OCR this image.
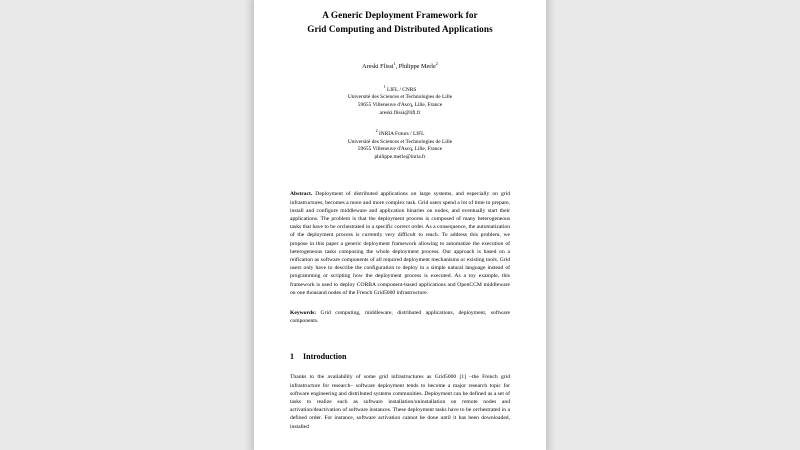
A Generic Deployment Framework for
Grid Computing and Distributed Applications
Areski Flissi$^1$, Philippe Merle$^2$
$^1$ LIFL / CNRS
Université des Sciences et Technologies de Lille
59655 Villeneuve d'Ascq, Lille, France
areski.flissi@lifl.fr
$^2$ INRIA Futurs / LIFL
Université des Sciences et Technologies de Lille
59655 Villeneuve d'Ascq, Lille, France
philippe.merle@inria.fr
Abstract. Deployment of distributed applications on large systems, and especially on grid infrastructures, becomes a more and more complex task. Grid users spend a lot of time to prepare, install and configure middleware and application binaries on nodes, and eventually start their applications. The problem is that the deployment process is composed of many heterogeneous tasks that have to be orchestrated in a specific correct order. As a consequence, the automatization of the deployment process is currently very difficult to reach. To address this problem, we propose in this paper a generic deployment framework allowing to automatize the execution of heterogeneous tasks composing the whole deployment process. Our approach is based on a reification as software components of all required deployment mechanisms or existing tools. Grid users only have to describe the configuration to deploy in a simple natural language instead of programming or scripting how the deployment process is executed. As a toy example, this framework is used to deploy CORBA component-based applications and OpenCCM middleware on one thousand nodes of the French Grid5000 infrastructure.
Keywords: Grid computing, middleware, distributed applications, deployment, software components.
1 Introduction
Thanks to the availability of some grid infrastructures as Grid5000 [1] –the French grid infrastructure for research– software deployment tends to become a major research topic for software engineering and distributed systems communities. Deployment can be defined as a set of tasks to realize such as software installation/uninstallation on remote nodes and activation/deactivation of software instances. These deployment tasks have to be orchestrated in a defined order. For instance, software activation cannot be done until it has been downloaded, installed
